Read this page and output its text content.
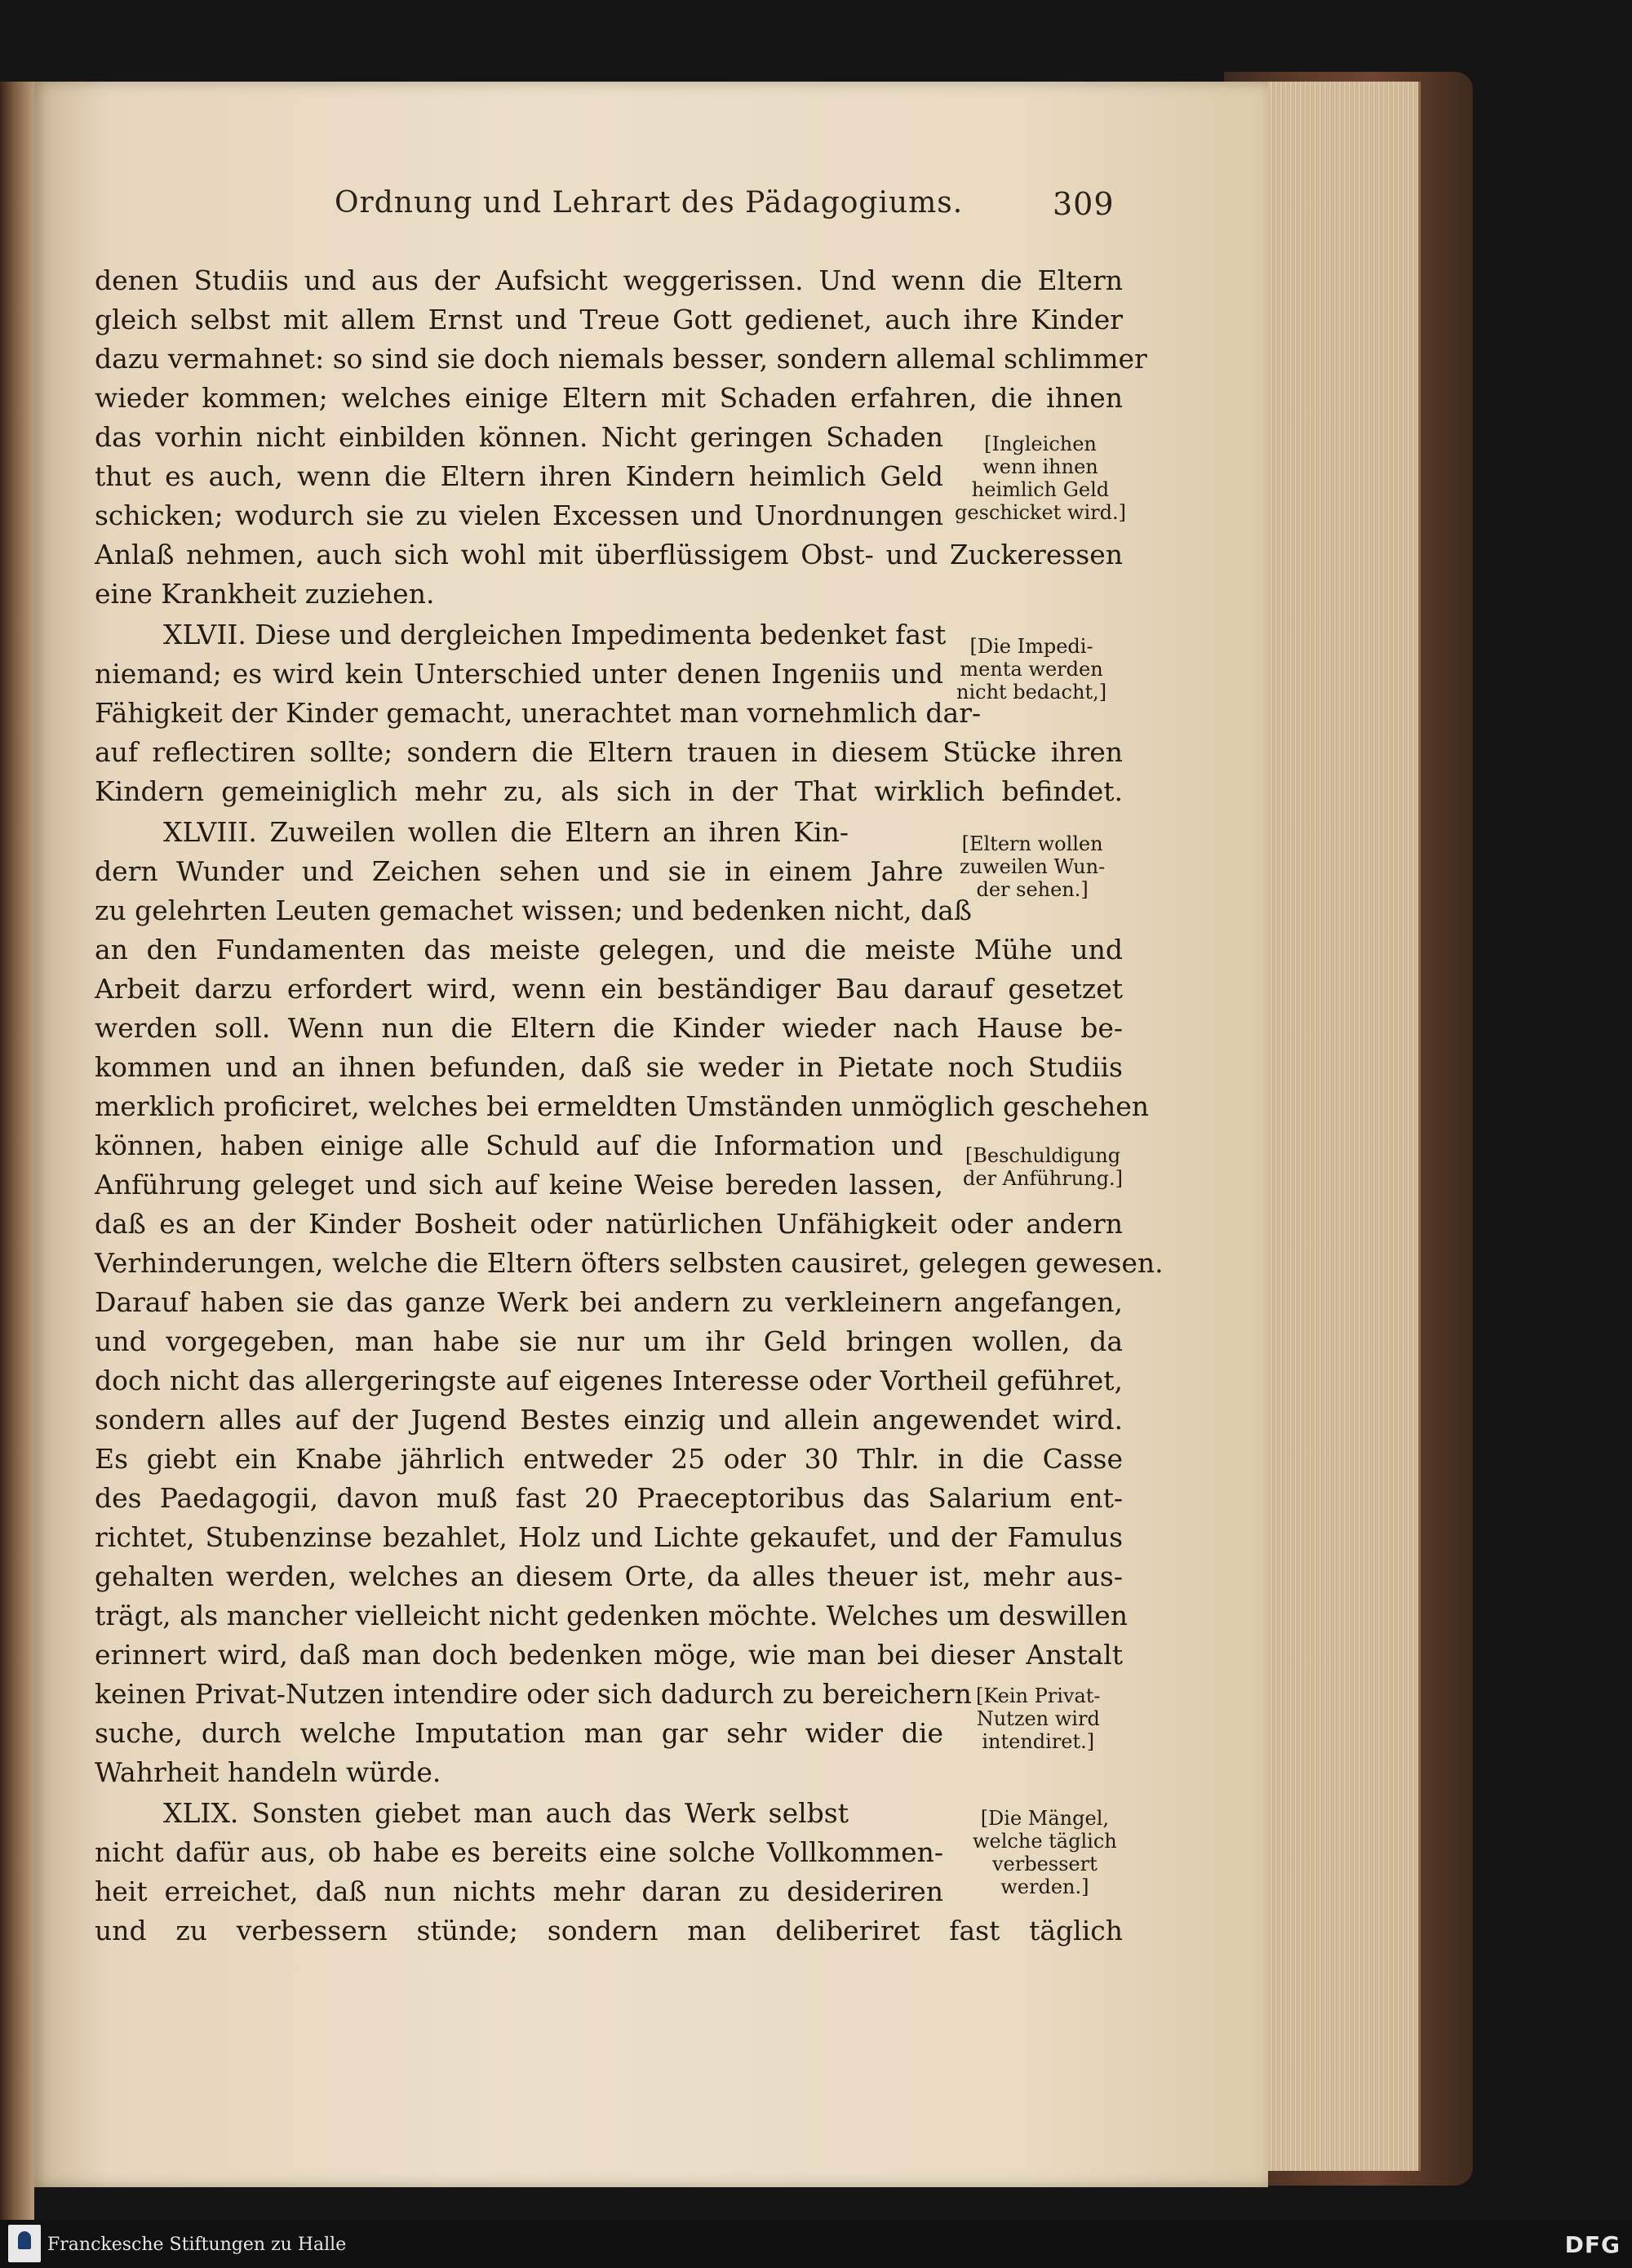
Ordnung und Lehrart des Pädagogiums.	309
denen Studiis und aus der Aufsicht weggerissen. Und wenn die Eltern
gleich selbst mit allem Ernst und Treue Gott gedienet, auch ihre Kinder
dazu vermahnet: so sind sie doch niemals besser, sondern allemal schlimmer
wieder kommen; welches einige Eltern mit Schaden erfahren, die ihnen
das vorhin nicht einbilden können. Nicht geringen Schaden
thut es auch, wenn die Eltern ihren Kindern heimlich Geld
schicken; wodurch sie zu vielen Excessen und Unordnungen
Anlaß nehmen, auch sich wohl mit überflüssigem Obst- und Zuckeressen
eine Krankheit zuziehen.
XLVII. Diese und dergleichen Impedimenta bedenket fast
niemand; es wird kein Unterschied unter denen Ingeniis und
Fähigkeit der Kinder gemacht, unerachtet man vornehmlich dar-
auf reflectiren sollte; sondern die Eltern trauen in diesem Stücke ihren
Kindern gemeiniglich mehr zu, als sich in der That wirklich befindet.
XLVIII. Zuweilen wollen die Eltern an ihren Kin-
dern Wunder und Zeichen sehen und sie in einem Jahre
zu gelehrten Leuten gemachet wissen; und bedenken nicht, daß
an den Fundamenten das meiste gelegen, und die meiste Mühe und
Arbeit darzu erfordert wird, wenn ein beständiger Bau darauf gesetzet
werden soll. Wenn nun die Eltern die Kinder wieder nach Hause be-
kommen und an ihnen befunden, daß sie weder in Pietate noch Studiis
merklich proficiret, welches bei ermeldten Umständen unmöglich geschehen
können, haben einige alle Schuld auf die Information und
Anführung geleget und sich auf keine Weise bereden lassen,
daß es an der Kinder Bosheit oder natürlichen Unfähigkeit oder andern
Verhinderungen, welche die Eltern öfters selbsten causiret, gelegen gewesen.
Darauf haben sie das ganze Werk bei andern zu verkleinern angefangen,
und vorgegeben, man habe sie nur um ihr Geld bringen wollen, da
doch nicht das allergeringste auf eigenes Interesse oder Vortheil geführet,
sondern alles auf der Jugend Bestes einzig und allein angewendet wird.
Es giebt ein Knabe jährlich entweder 25 oder 30 Thlr. in die Casse
des Paedagogii, davon muß fast 20 Praeceptoribus das Salarium ent-
richtet, Stubenzinse bezahlet, Holz und Lichte gekaufet, und der Famulus
gehalten werden, welches an diesem Orte, da alles theuer ist, mehr aus-
trägt, als mancher vielleicht nicht gedenken möchte. Welches um deswillen
erinnert wird, daß man doch bedenken möge, wie man bei dieser Anstalt
keinen Privat-Nutzen intendire oder sich dadurch zu bereichern
suche, durch welche Imputation man gar sehr wider die
Wahrheit handeln würde.
XLIX. Sonsten giebet man auch das Werk selbst
nicht dafür aus, ob habe es bereits eine solche Vollkommen-
heit erreichet, daß nun nichts mehr daran zu desideriren
und zu verbessern stünde; sondern man deliberiret fast täglich
[Ingleichen
wenn ihnen
heimlich Geld
geschicket wird.]
[Die Impedi-
menta werden
nicht bedacht,]
[Eltern wollen
zuweilen Wun-
der sehen.]
[Beschuldigung
der Anführung.]
[Kein Privat-
Nutzen wird
intendiret.]
[Die Mängel,
welche täglich
verbessert
werden.]
Franckesche Stiftungen zu Halle	DFG
